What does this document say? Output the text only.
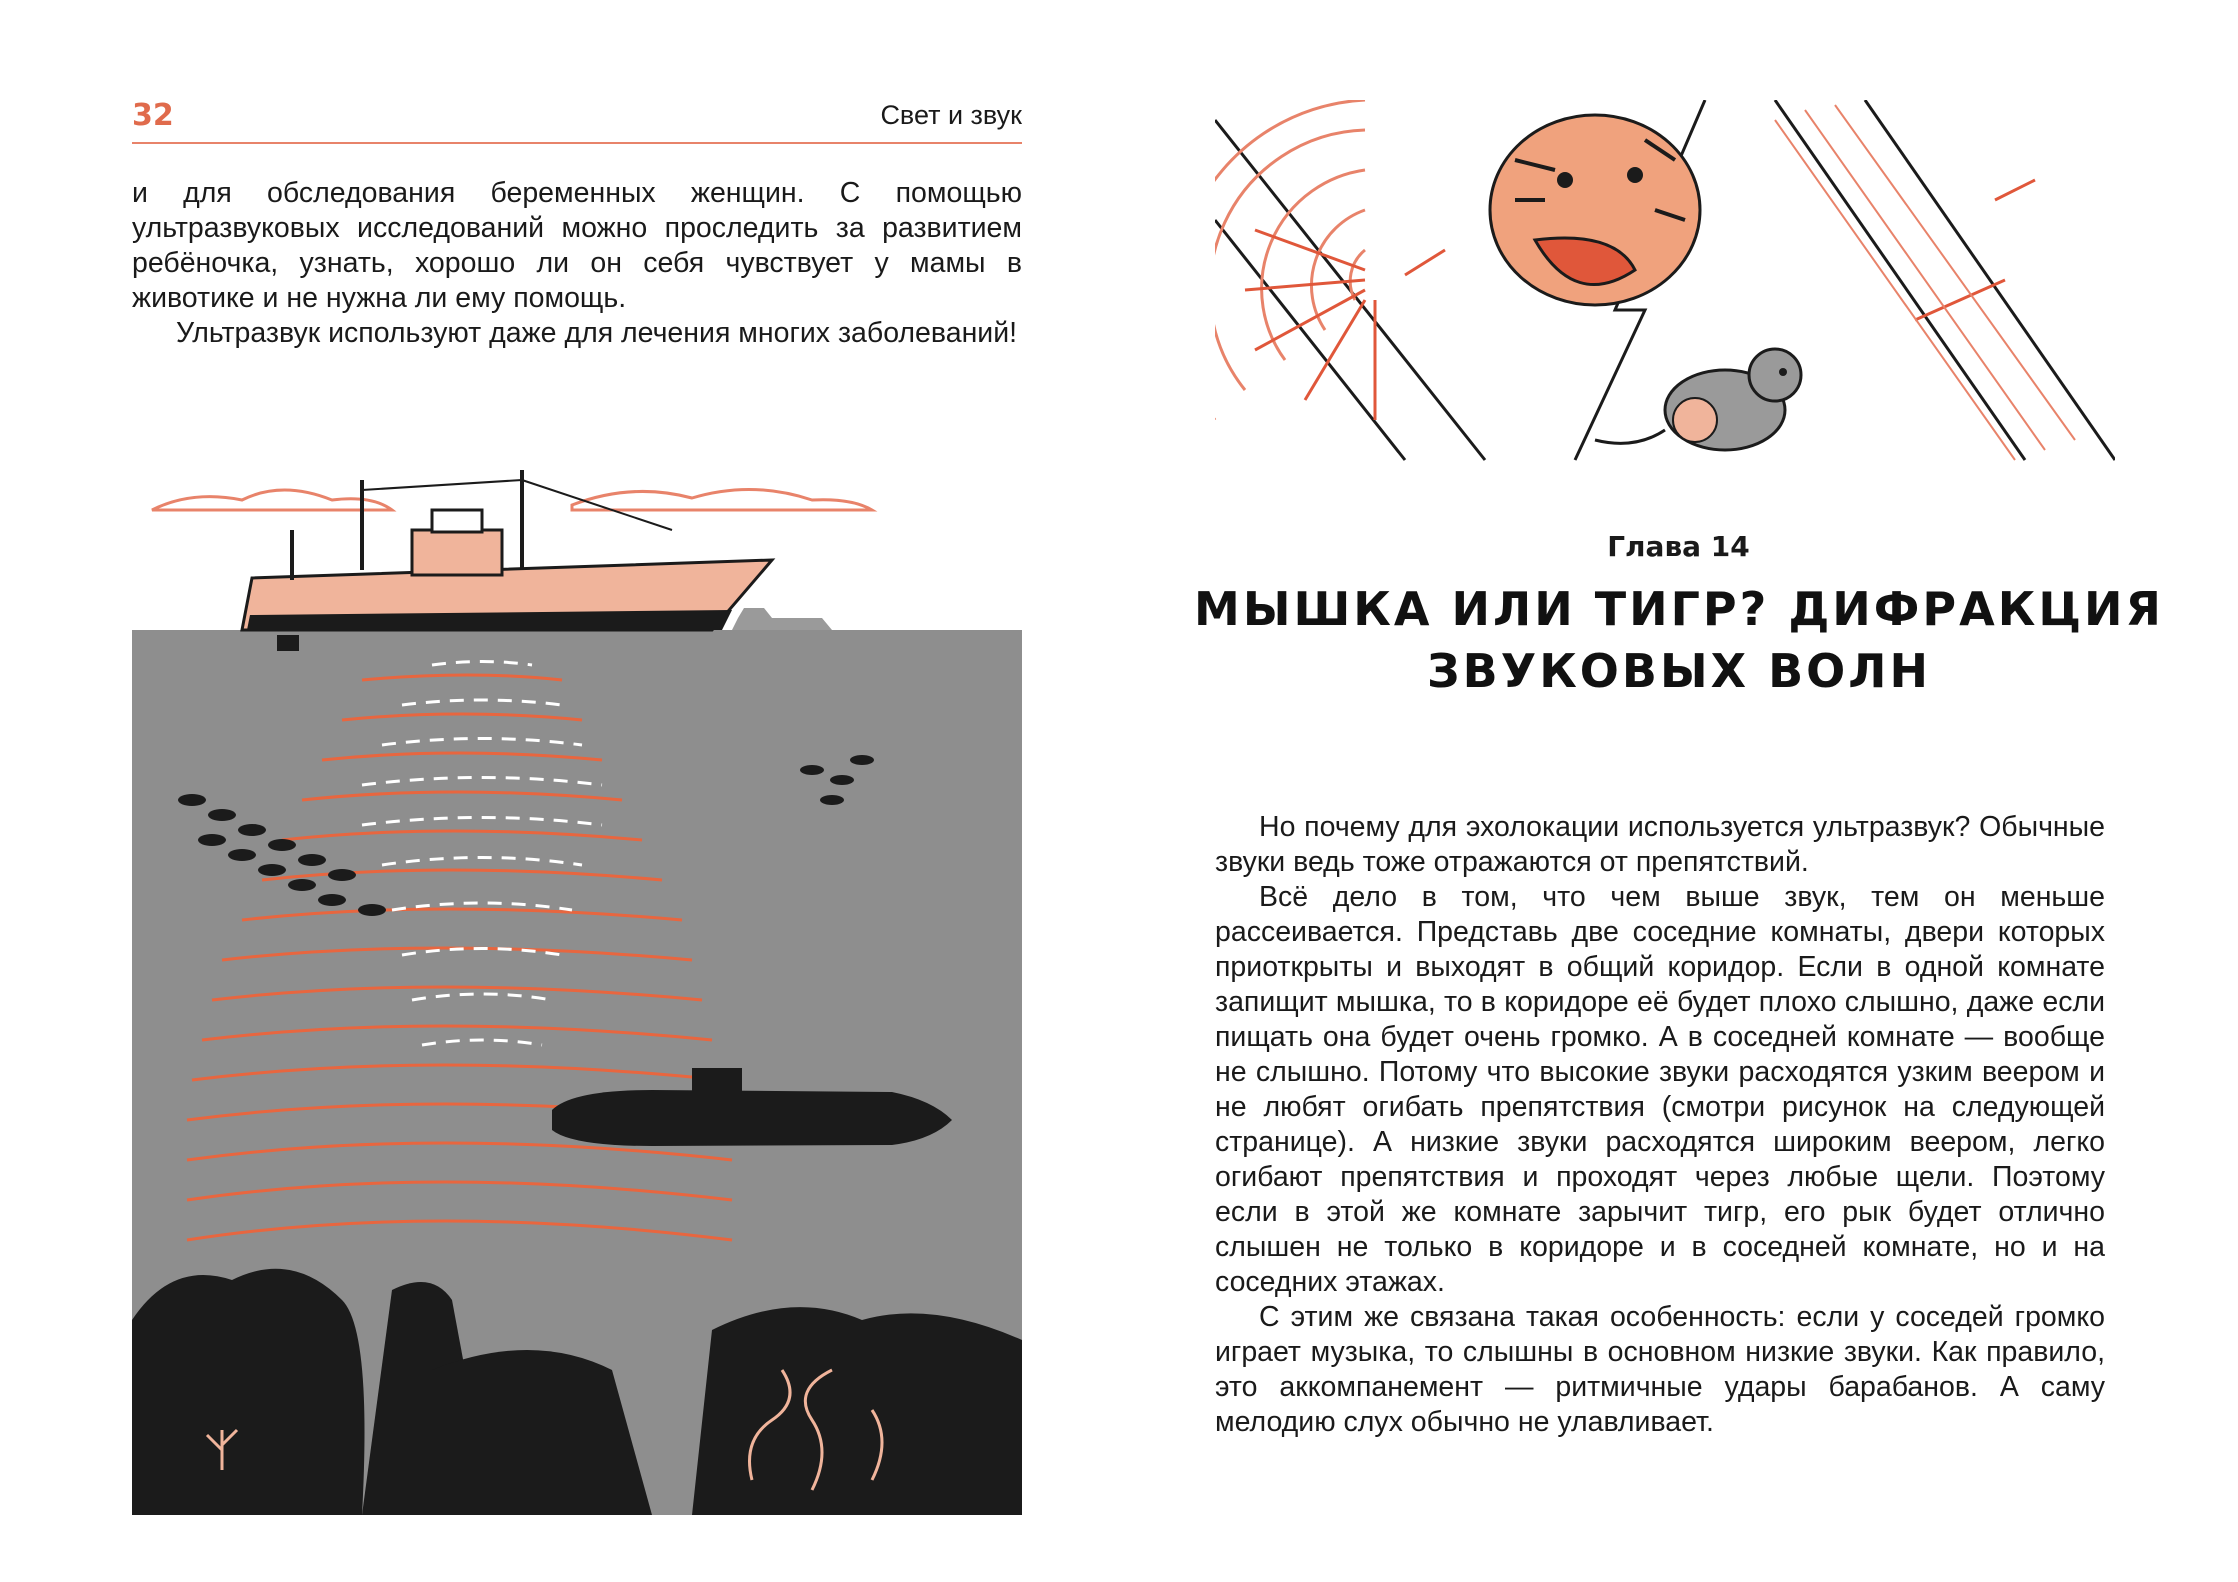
32	Свет и звук

и для обследования беременных женщин. С помощью ультразвуковых исследований можно проследить за развитием ребёночка, узнать, хорошо ли он себя чувствует у мамы в животике и не нужна ли ему помощь.

Ультразвук используют даже для лечения многих заболеваний!

Глава 14
МЫШКА ИЛИ ТИГР? ДИФРАКЦИЯ ЗВУКОВЫХ ВОЛН

Но почему для эхолокации используется ультразвук? Обычные звуки ведь тоже отражаются от препятствий.

Всё дело в том, что чем выше звук, тем он меньше рассеивается. Представь две соседние комнаты, двери которых приоткрыты и выходят в общий коридор. Если в одной комнате запищит мышка, то в коридоре её будет плохо слышно, даже если пищать она будет очень громко. А в соседней комнате — вообще не слышно. Потому что высокие звуки расходятся узким веером и не любят огибать препятствия (смотри рисунок на следующей странице). А низкие звуки расходятся широким веером, легко огибают препятствия и проходят через любые щели. Поэтому если в этой же комнате зарычит тигр, его рык будет отлично слышен не только в коридоре и в соседней комнате, но и на соседних этажах.

С этим же связана такая особенность: если у соседей громко играет музыка, то слышны в основном низкие звуки. Как правило, это аккомпанемент — ритмичные удары барабанов. А саму мелодию слух обычно не улавливает.
